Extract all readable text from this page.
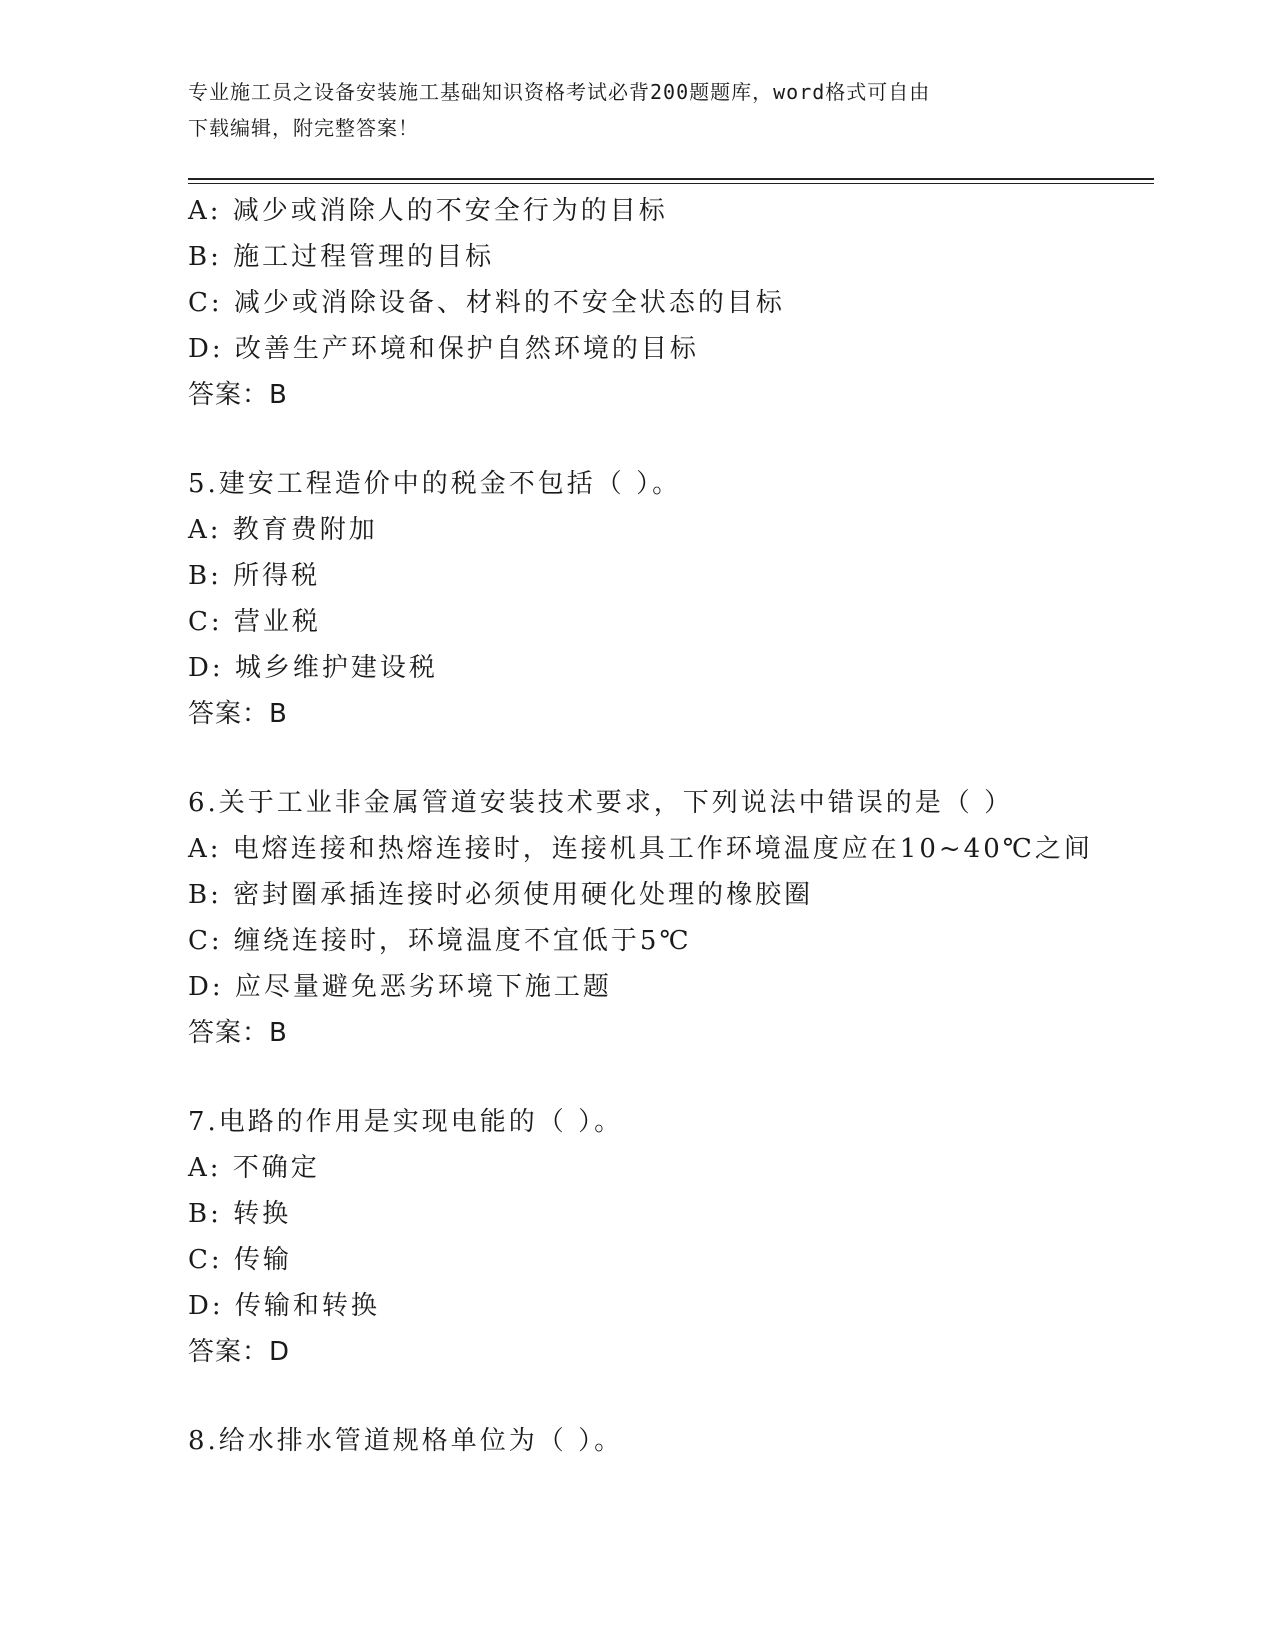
专业施工员之设备安装施工基础知识资格考试必背200题题库，word格式可自由
下载编辑，附完整答案！
A: 减少或消除人的不安全行为的目标
B: 施工过程管理的目标
C: 减少或消除设备、材料的不安全状态的目标
D: 改善生产环境和保护自然环境的目标
答案：B
5.建安工程造价中的税金不包括（ ）。
A: 教育费附加
B: 所得税
C: 营业税
D: 城乡维护建设税
答案：B
6.关于工业非金属管道安装技术要求，下列说法中错误的是（ ）
A: 电熔连接和热熔连接时，连接机具工作环境温度应在10~40℃之间
B: 密封圈承插连接时必须使用硬化处理的橡胶圈
C: 缠绕连接时，环境温度不宜低于5℃
D: 应尽量避免恶劣环境下施工题
答案：B
7.电路的作用是实现电能的（ ）。
A: 不确定
B: 转换
C: 传输
D: 传输和转换
答案：D
8.给水排水管道规格单位为（ ）。
